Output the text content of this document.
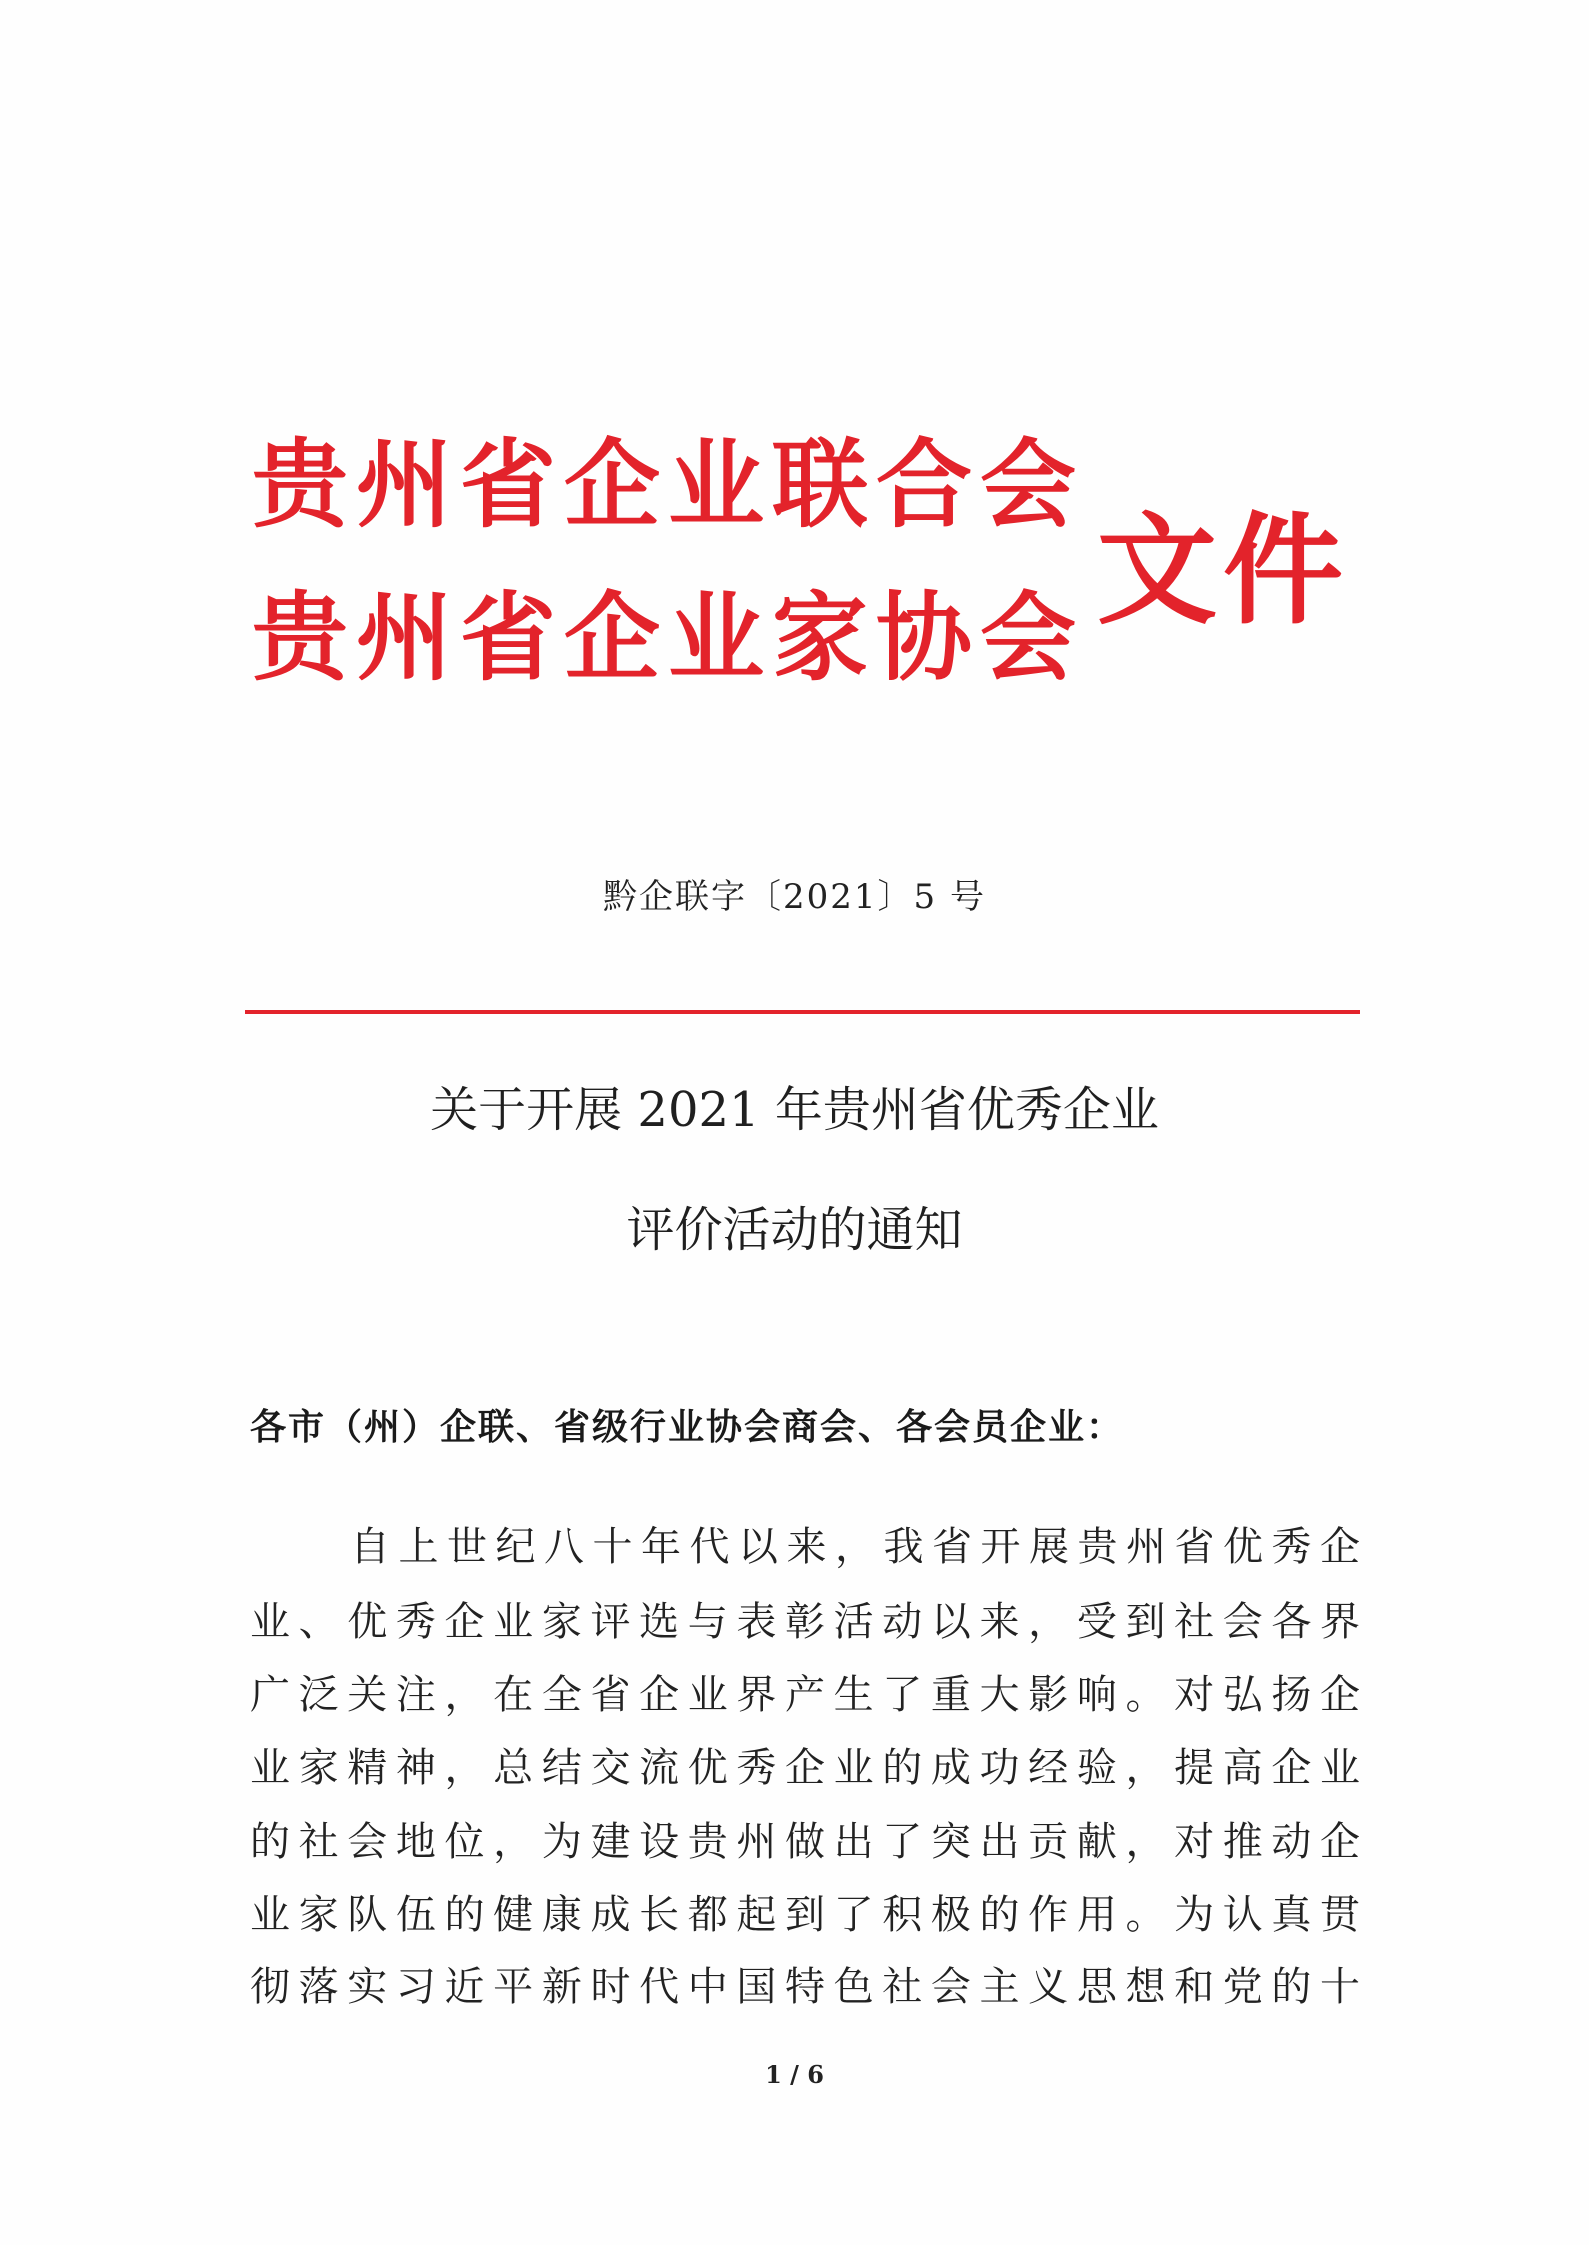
贵州省企业联合会
贵州省企业家协会 文件
黔企联字〔2021〕5 号
关于开展 2021 年贵州省优秀企业
评价活动的通知
各市（州）企联、省级行业协会商会、各会员企业：
自上世纪八十年代以来，我省开展贵州省优秀企
业、优秀企业家评选与表彰活动以来，受到社会各界
广泛关注，在全省企业界产生了重大影响。对弘扬企
业家精神，总结交流优秀企业的成功经验，提高企业
的社会地位，为建设贵州做出了突出贡献，对推动企
业家队伍的健康成长都起到了积极的作用。为认真贯
彻落实习近平新时代中国特色社会主义思想和党的十
1 / 6
